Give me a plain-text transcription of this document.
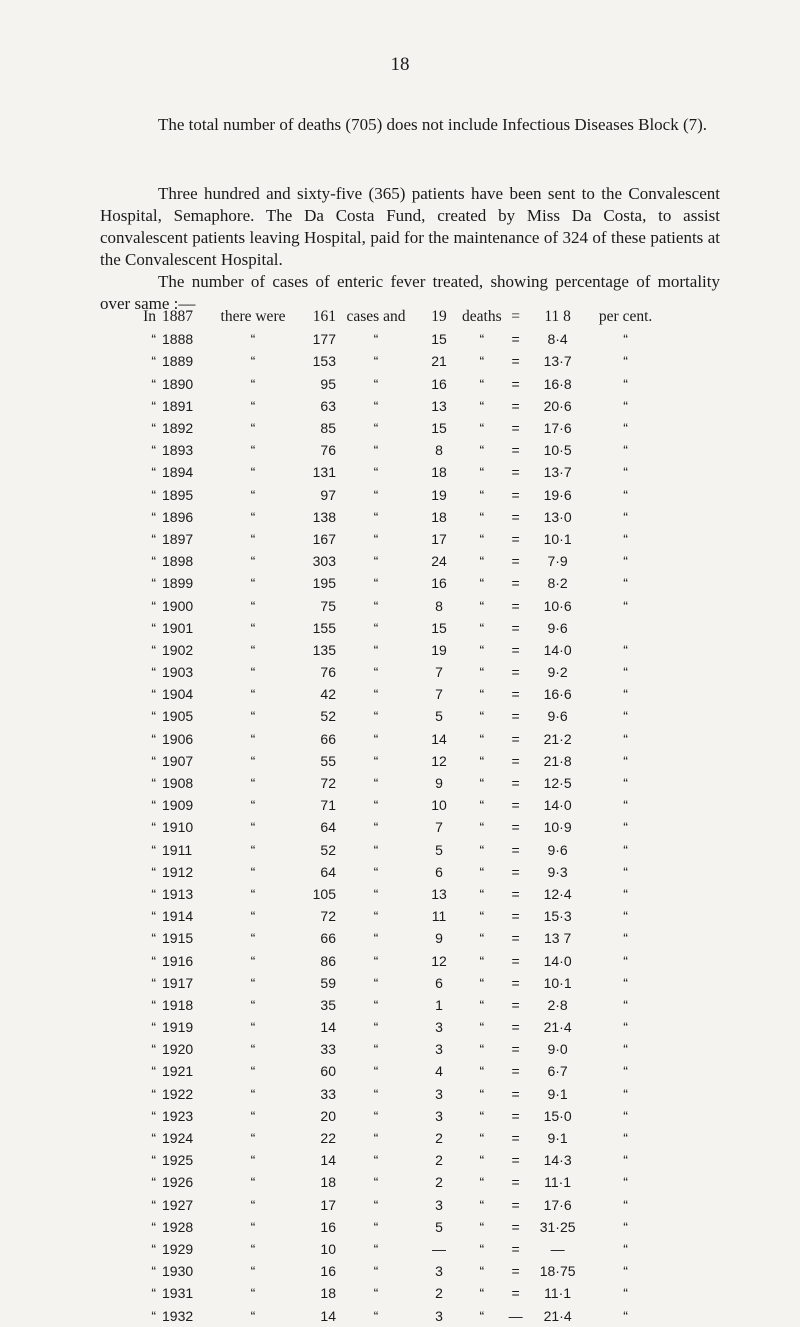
18

The total number of deaths (705) does not include Infectious Diseases Block (7).

Three hundred and sixty-five (365) patients have been sent to the Convalescent Hospital, Semaphore. The Da Costa Fund, created by Miss Da Costa, to assist convalescent patients leaving Hospital, paid for the maintenance of 324 of these patients at the Convalescent Hospital.

The number of cases of enteric fever treated, showing percentage of mortality over same :—

In	1887	there were	161	cases and	19	deaths	=	11 8	per cent.
“	1888	“	177	“	15	“	=	8·4	“
“	1889	“	153	“	21	“	=	13·7	“
“	1890	“	95	“	16	“	=	16·8	“
“	1891	“	63	“	13	“	=	20·6	“
“	1892	“	85	“	15	“	=	17·6	“
“	1893	“	76	“	8	“	=	10·5	“
“	1894	“	131	“	18	“	=	13·7	“
“	1895	“	97	“	19	“	=	19·6	“
“	1896	“	138	“	18	“	=	13·0	“
“	1897	“	167	“	17	“	=	10·1	“
“	1898	“	303	“	24	“	=	7·9	“
“	1899	“	195	“	16	“	=	8·2	“
“	1900	“	75	“	8	“	=	10·6	“
“	1901	“	155	“	15	“	=	9·6	
“	1902	“	135	“	19	“	=	14·0	“
“	1903	“	76	“	7	“	=	9·2	“
“	1904	“	42	“	7	“	=	16·6	“
“	1905	“	52	“	5	“	=	9·6	“
“	1906	“	66	“	14	“	=	21·2	“
“	1907	“	55	“	12	“	=	21·8	“
“	1908	“	72	“	9	“	=	12·5	“
“	1909	“	71	“	10	“	=	14·0	“
“	1910	“	64	“	7	“	=	10·9	“
“	1911	“	52	“	5	“	=	9·6	“
“	1912	“	64	“	6	“	=	9·3	“
“	1913	“	105	“	13	“	=	12·4	“
“	1914	“	72	“	11	“	=	15·3	“
“	1915	“	66	“	9	“	=	13 7	“
“	1916	“	86	“	12	“	=	14·0	“
“	1917	“	59	“	6	“	=	10·1	“
“	1918	“	35	“	1	“	=	2·8	“
“	1919	“	14	“	3	“	=	21·4	“
“	1920	“	33	“	3	“	=	9·0	“
“	1921	“	60	“	4	“	=	6·7	“
“	1922	“	33	“	3	“	=	9·1	“
“	1923	“	20	“	3	“	=	15·0	“
“	1924	“	22	“	2	“	=	9·1	“
“	1925	“	14	“	2	“	=	14·3	“
“	1926	“	18	“	2	“	=	11·1	“
“	1927	“	17	“	3	“	=	17·6	“
“	1928	“	16	“	5	“	=	31·25	“
“	1929	“	10	“	—	“	=	—	“
“	1930	“	16	“	3	“	=	18·75	“
“	1931	“	18	“	2	“	=	11·1	“
“	1932	“	14	“	3	“	—	21·4	“
